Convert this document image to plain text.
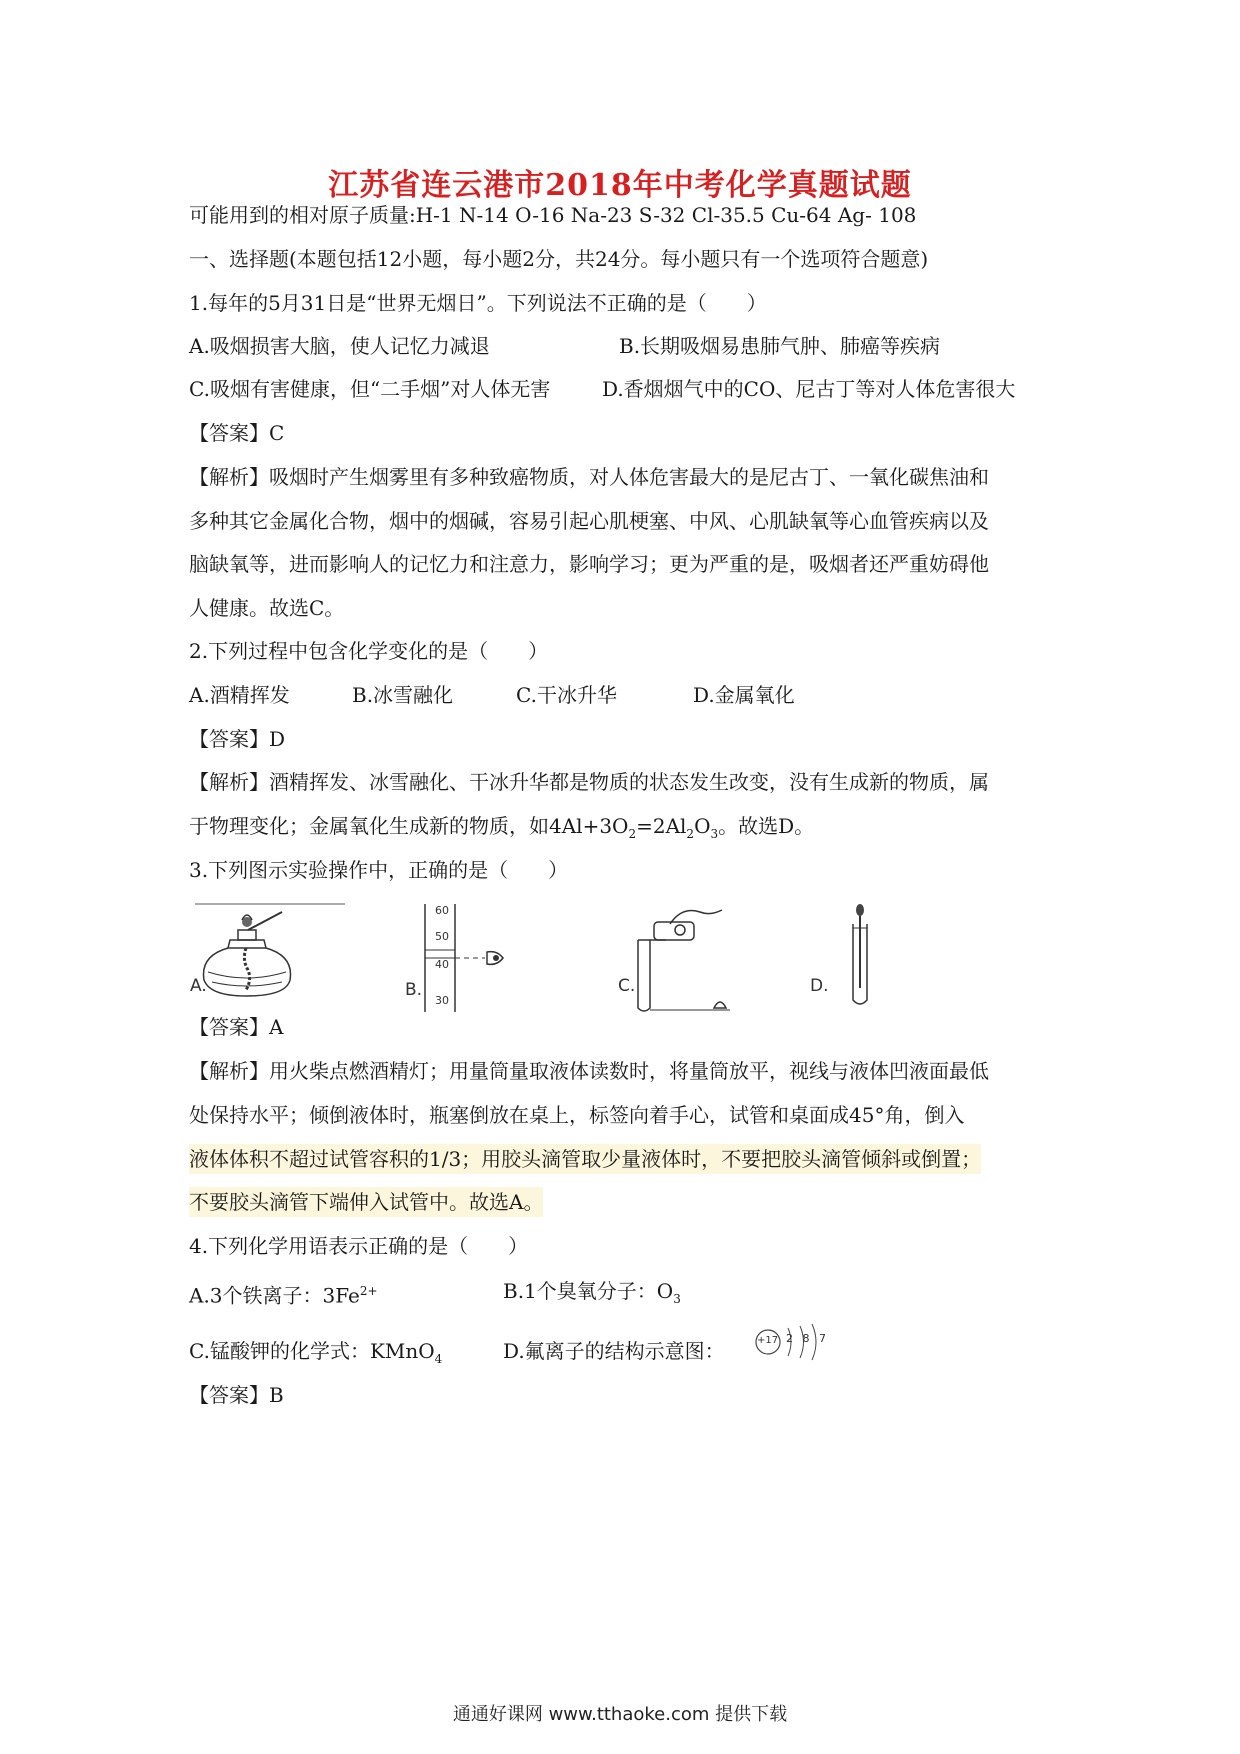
江苏省连云港市2018年中考化学真题试题
可能用到的相对原子质量:H-1 N-14 O-16 Na-23 S-32 Cl-35.5 Cu-64 Ag- 108
一、选择题(本题包括12小题，每小题2分，共24分。每小题只有一个选项符合题意)
1.每年的5月31日是“世界无烟日”。下列说法不正确的是（　　）
A.吸烟损害大脑，使人记忆力减退	B.长期吸烟易患肺气肿、肺癌等疾病
C.吸烟有害健康，但“二手烟”对人体无害	D.香烟烟气中的CO、尼古丁等对人体危害很大
【答案】C
【解析】吸烟时产生烟雾里有多种致癌物质，对人体危害最大的是尼古丁、一氧化碳焦油和
多种其它金属化合物，烟中的烟碱，容易引起心肌梗塞、中风、心肌缺氧等心血管疾病以及
脑缺氧等，进而影响人的记忆力和注意力，影响学习；更为严重的是，吸烟者还严重妨碍他
人健康。故选C。
2.下列过程中包含化学变化的是（　　）
A.酒精挥发	B.冰雪融化	C.干冰升华	D.金属氧化
【答案】D
【解析】酒精挥发、冰雪融化、干冰升华都是物质的状态发生改变，没有生成新的物质，属
于物理变化；金属氧化生成新的物质，如$4Al+3O_2=2Al_2O_3$。故选D。
3.下列图示实验操作中，正确的是（　　）
A.
60
50
40
30
B.	C.	D.
【答案】A
【解析】用火柴点燃酒精灯；用量筒量取液体读数时，将量筒放平，视线与液体凹液面最低
处保持水平；倾倒液体时，瓶塞倒放在桌上，标签向着手心，试管和桌面成45°角，倒入
液体体积不超过试管容积的1/3；用胶头滴管取少量液体时，不要把胶头滴管倾斜或倒置；
不要胶头滴管下端伸入试管中。故选A。
4.下列化学用语表示正确的是（　　）
A.3个铁离子：$3Fe^{2+}$	B.1个臭氧分子：$O_3$
C.锰酸钾的化学式：KMnO$_4$	D.氟离子的结构示意图：	+17 2 8 7
【答案】B
通通好课网 www.tthaoke.com 提供下载
